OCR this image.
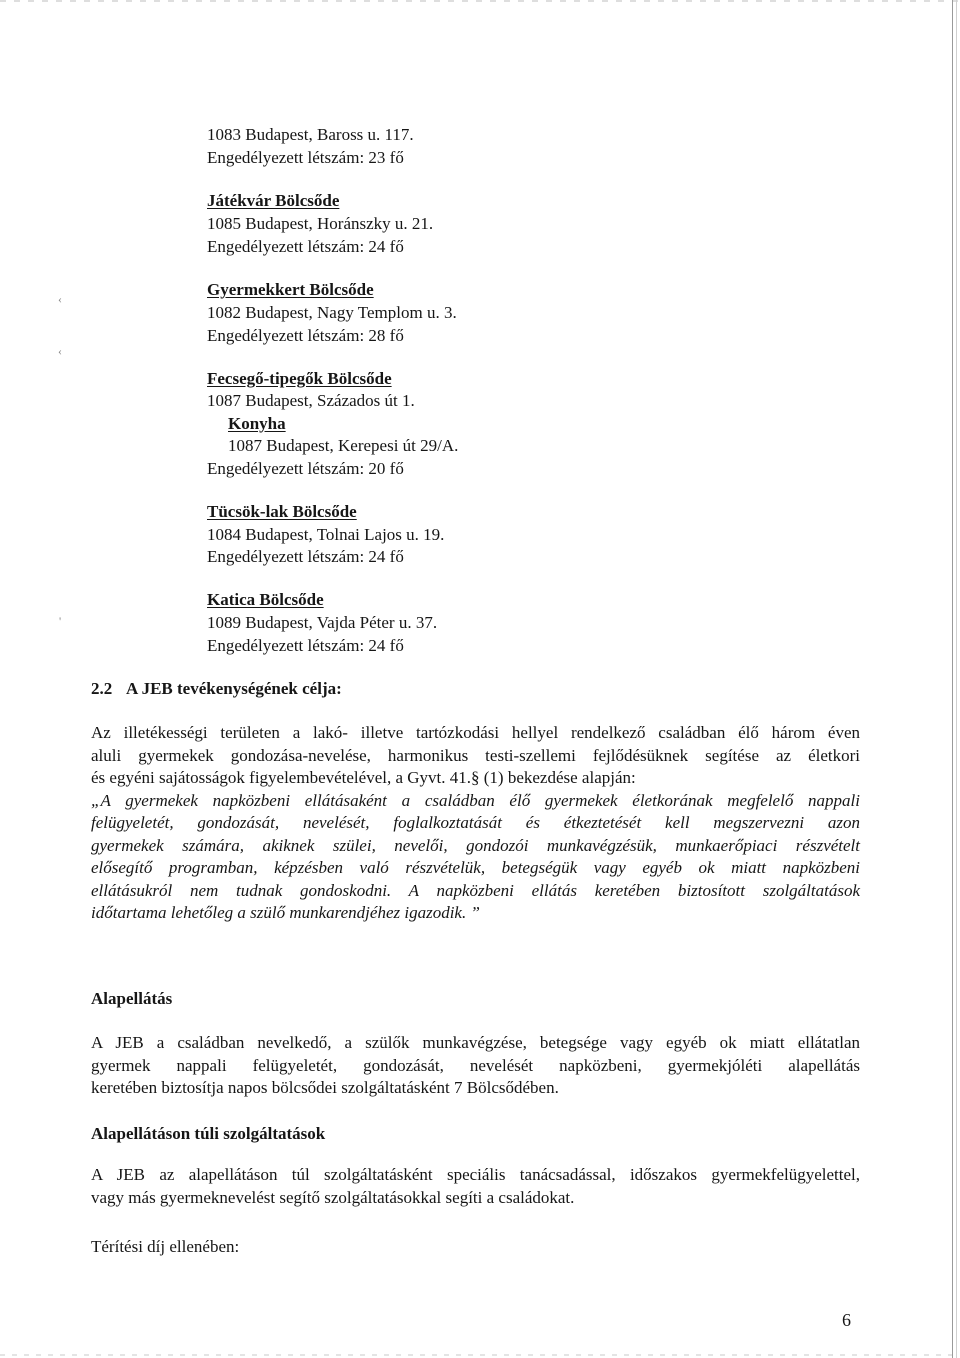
‹
‹
'
1083 Budapest, Baross u. 117.
Engedélyezett létszám: 23 fő
Játékvár Bölcsőde
1085 Budapest, Horánszky u. 21.
Engedélyezett létszám: 24 fő
Gyermekkert Bölcsőde
1082 Budapest, Nagy Templom u. 3.
Engedélyezett létszám: 28 fő
Fecsegő-tipegők Bölcsőde
1087 Budapest, Százados út 1.
Konyha
1087 Budapest, Kerepesi út 29/A.
Engedélyezett létszám: 20 fő
Tücsök-lak Bölcsőde
1084 Budapest, Tolnai Lajos u. 19.
Engedélyezett létszám: 24 fő
Katica Bölcsőde
1089 Budapest, Vajda Péter u. 37.
Engedélyezett létszám: 24 fő
2.2 A JEB tevékenységének célja:
Az illetékességi területen a lakó- illetve tartózkodási hellyel rendelkező családban élő három éven
aluli gyermekek gondozása-nevelése, harmonikus testi-szellemi fejlődésüknek segítése az életkori
és egyéni sajátosságok figyelembevételével, a Gyvt. 41.§ (1) bekezdése alapján:
„A gyermekek napközbeni ellátásaként a családban élő gyermekek életkorának megfelelő nappali
felügyeletét, gondozását, nevelését, foglalkoztatását és étkeztetését kell megszervezni azon
gyermekek számára, akiknek szülei, nevelői, gondozói munkavégzésük, munkaerőpiaci részvételt
elősegítő programban, képzésben való részvételük, betegségük vagy egyéb ok miatt napközbeni
ellátásukról nem tudnak gondoskodni. A napközbeni ellátás keretében biztosított szolgáltatások
időtartama lehetőleg a szülő munkarendjéhez igazodik. ”
Alapellátás
A JEB a családban nevelkedő, a szülők munkavégzése, betegsége vagy egyéb ok miatt ellátatlan
gyermek nappali felügyeletét, gondozását, nevelését napközbeni, gyermekjóléti alapellátás
keretében biztosítja napos bölcsődei szolgáltatásként 7 Bölcsődében.
Alapellátáson túli szolgáltatások
A JEB az alapellátáson túl szolgáltatásként speciális tanácsadással, időszakos gyermekfelügyelettel,
vagy más gyermeknevelést segítő szolgáltatásokkal segíti a családokat.
Térítési díj ellenében:
6
